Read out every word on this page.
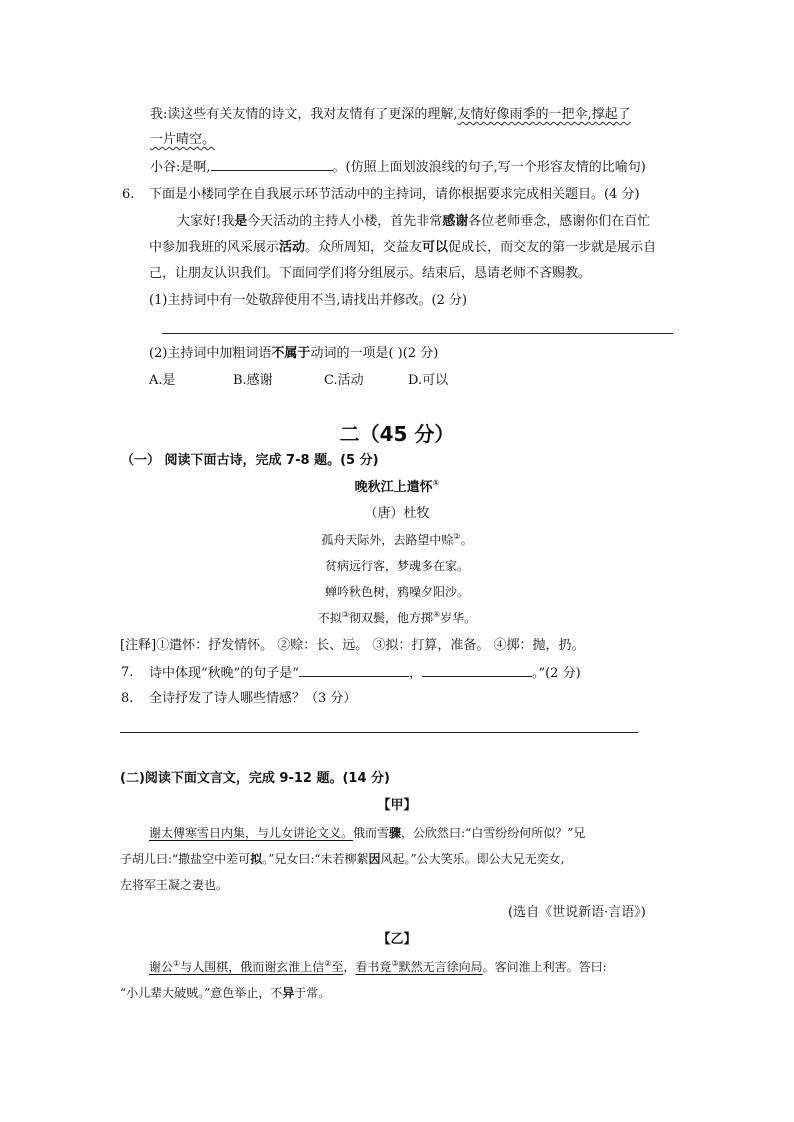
我:读这些有关友情的诗文，我对友情有了更深的理解,友情好像雨季的一把伞,撑起了
一片晴空。
小谷:是啊,	。(仿照上面划波浪线的句子,写一个形容友情的比喻句)
6. 下面是小楼同学在自我展示环节活动中的主持词，请你根据要求完成相关题目。(4 分)
大家好!我是今天活动的主持人小楼，首先非常感谢各位老师垂念，感谢你们在百忙
中参加我班的风采展示活动。众所周知，交益友可以促成长，而交友的第一步就是展示自
己，让朋友认识我们。下面同学们将分组展示。结束后，恳请老师不吝赐教。
(1)主持词中有一处敬辞使用不当,请找出并修改。(2 分)
(2)主持词中加粗词语不属于动词的一项是( )(2 分)
A.是	B.感谢	C.活动	D.可以
二（45 分）
（一） 阅读下面古诗，完成 7-8 题。(5 分)
晚秋江上遣怀①
（唐）杜牧
孤舟天际外，去路望中赊②。
贫病远行客，梦魂多在家。
蝉吟秋色树，鸦噪夕阳沙。
不拟③彻双鬓，他方掷④岁华。
[注释]①遣怀：抒发情怀。 ②赊：长、远。 ③拟：打算，准备。 ④掷：抛，扔。
7. 诗中体现“秋晚”的句子是“	，	。”(2 分)
8. 全诗抒发了诗人哪些情感？（3 分）
(二)阅读下面文言文，完成 9-12 题。(14 分)
【甲】
谢太傅寒雪日内集，与儿女讲论文义。俄而雪骤，公欣然曰:“白雪纷纷何所似？”兄
子胡儿曰:“撒盐空中差可拟。”兄女曰:“未若柳絮因风起。”公大笑乐。即公大兄无奕女,
左将军王凝之妻也。
(选自《世说新语·言语》)
【乙】
谢公①与人围棋，俄而谢玄淮上信②至，看书竟③默然无言徐向局。客问淮上利害。答曰:
“小儿辈大破贼。”意色举止，不异于常。
